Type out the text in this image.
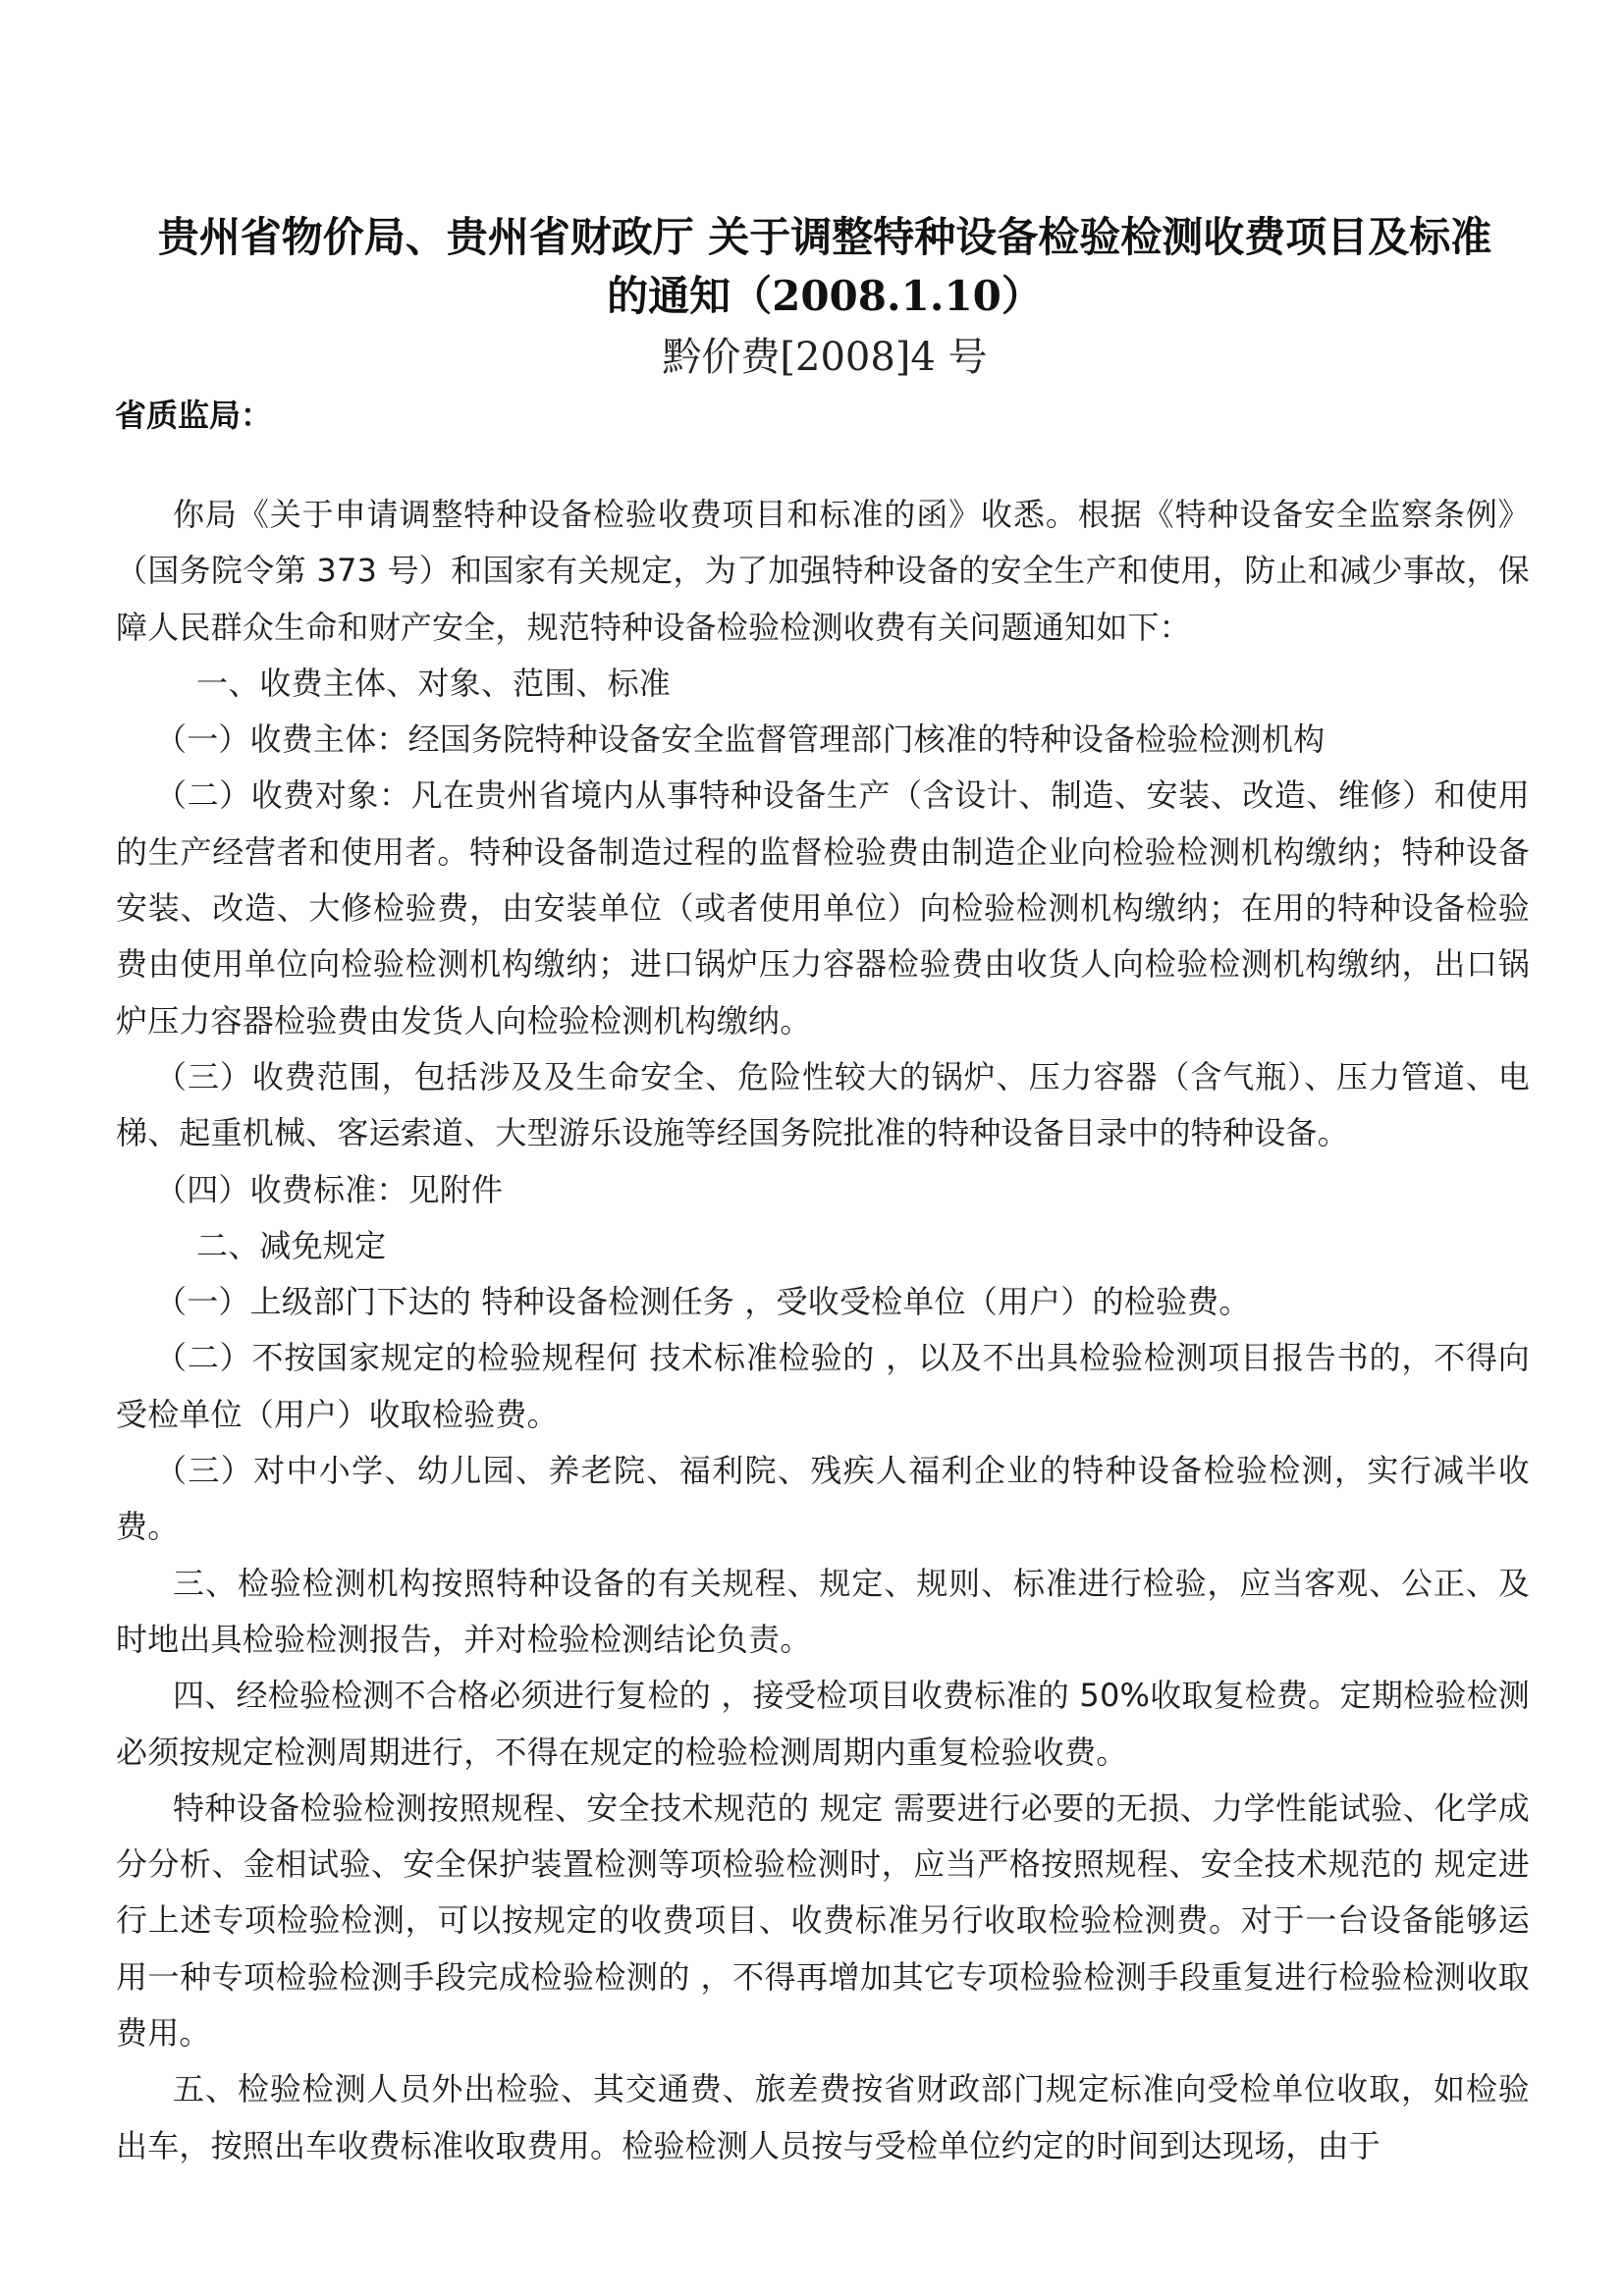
贵州省物价局、贵州省财政厅 关于调整特种设备检验检测收费项目及标准
的通知（2008.1.10）
黔价费[2008]4 号
省质监局：

你局《关于申请调整特种设备检验收费项目和标准的函》收悉。根据《特种设备安全监察条例》（国务院令第 373 号）和国家有关规定，为了加强特种设备的安全生产和使用，防止和减少事故，保障人民群众生命和财产安全，规范特种设备检验检测收费有关问题通知如下：

一、收费主体、对象、范围、标准

（一）收费主体：经国务院特种设备安全监督管理部门核准的特种设备检验检测机构

（二）收费对象：凡在贵州省境内从事特种设备生产（含设计、制造、安装、改造、维修）和使用的生产经营者和使用者。特种设备制造过程的监督检验费由制造企业向检验检测机构缴纳；特种设备安装、改造、大修检验费，由安装单位（或者使用单位）向检验检测机构缴纳；在用的特种设备检验费由使用单位向检验检测机构缴纳；进口锅炉压力容器检验费由收货人向检验检测机构缴纳，出口锅炉压力容器检验费由发货人向检验检测机构缴纳。

（三）收费范围，包括涉及及生命安全、危险性较大的锅炉、压力容器（含气瓶）、压力管道、电梯、起重机械、客运索道、大型游乐设施等经国务院批准的特种设备目录中的特种设备。

（四）收费标准：见附件

二、减免规定

（一）上级部门下达的 特种设备检测任务 ，受收受检单位（用户）的检验费。

（二）不按国家规定的检验规程何 技术标准检验的 ，以及不出具检验检测项目报告书的，不得向受检单位（用户）收取检验费。

（三）对中小学、幼儿园、养老院、福利院、残疾人福利企业的特种设备检验检测，实行减半收费。

三、检验检测机构按照特种设备的有关规程、规定、规则、标准进行检验，应当客观、公正、及时地出具检验检测报告，并对检验检测结论负责。

四、经检验检测不合格必须进行复检的 ，接受检项目收费标准的 50%收取复检费。定期检验检测必须按规定检测周期进行，不得在规定的检验检测周期内重复检验收费。

特种设备检验检测按照规程、安全技术规范的 规定 需要进行必要的无损、力学性能试验、化学成分分析、金相试验、安全保护装置检测等项检验检测时，应当严格按照规程、安全技术规范的 规定进行上述专项检验检测，可以按规定的收费项目、收费标准另行收取检验检测费。对于一台设备能够运用一种专项检验检测手段完成检验检测的 ，不得再增加其它专项检验检测手段重复进行检验检测收取费用。

五、检验检测人员外出检验、其交通费、旅差费按省财政部门规定标准向受检单位收取，如检验出车，按照出车收费标准收取费用。检验检测人员按与受检单位约定的时间到达现场，由于
